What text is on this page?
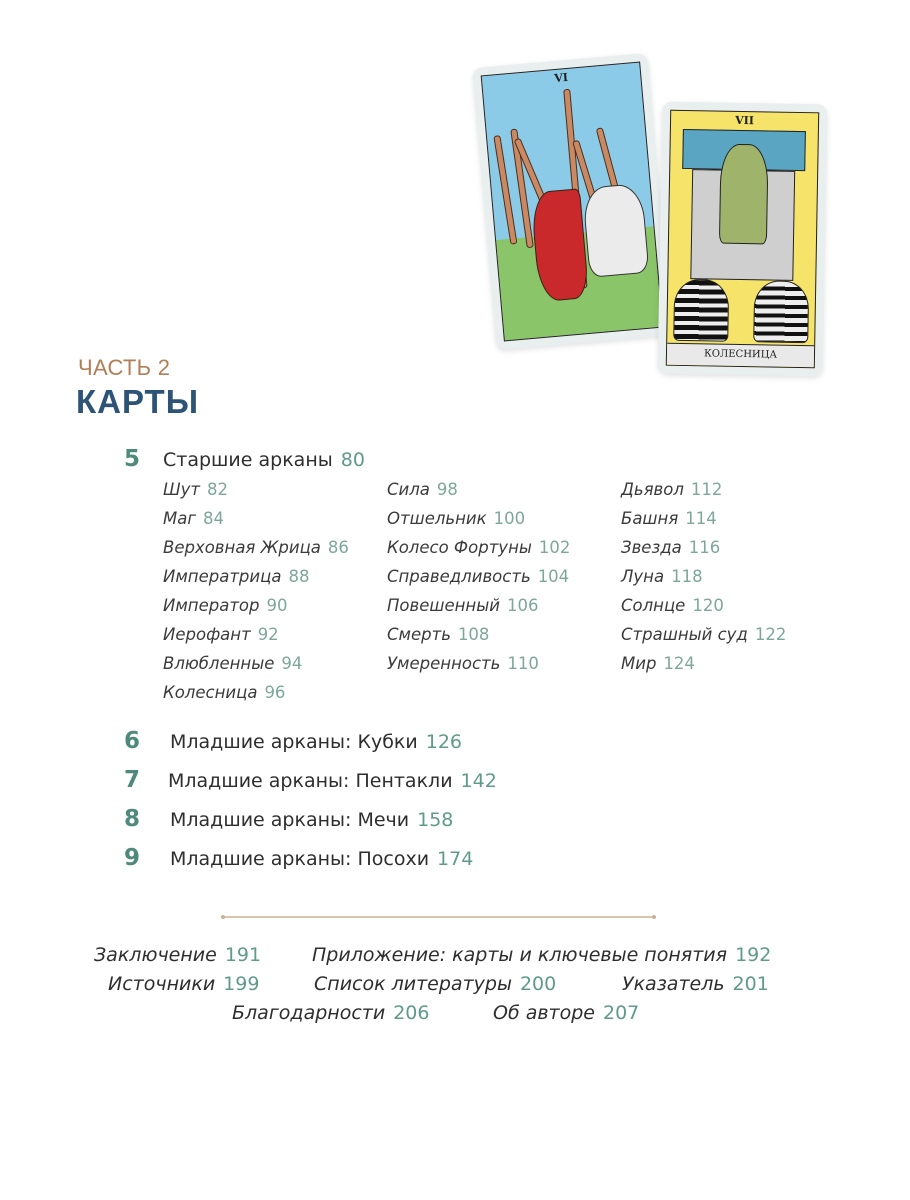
VI
VII
КОЛЕСНИЦА
ЧАСТЬ 2
КАРТЫ
5 Старшие арканы 80
Шут 82
Маг 84
Верховная Жрица 86
Императрица 88
Император 90
Иерофант 92
Влюбленные 94
Колесница 96
Сила 98
Отшельник 100
Колесо Фортуны 102
Справедливость 104
Повешенный 106
Смерть 108
Умеренность 110
Дьявол 112
Башня 114
Звезда 116
Луна 118
Солнце 120
Страшный суд 122
Мир 124
6 Младшие арканы: Кубки 126
7 Младшие арканы: Пентакли 142
8 Младшие арканы: Мечи 158
9 Младшие арканы: Посохи 174
Заключение 191	Приложение: карты и ключевые понятия 192
Источники 199	Список литературы 200	Указатель 201
Благодарности 206	Об авторе 207
